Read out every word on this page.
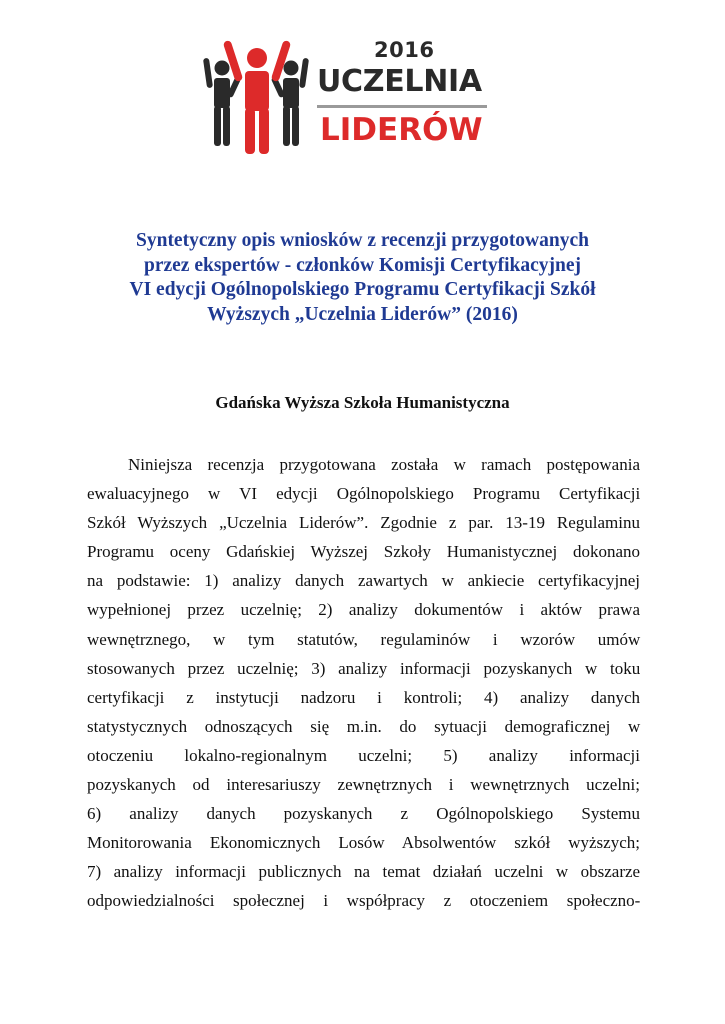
2016
UCZELNIA
LIDERÓW
Syntetyczny opis wniosków z recenzji przygotowanych
przez ekspertów - członków Komisji Certyfikacyjnej
VI edycji Ogólnopolskiego Programu Certyfikacji Szkół
Wyższych „Uczelnia Liderów” (2016)
Gdańska Wyższa Szkoła Humanistyczna
Niniejsza recenzja przygotowana została w ramach postępowania
ewaluacyjnego w VI edycji Ogólnopolskiego Programu Certyfikacji
Szkół Wyższych „Uczelnia Liderów”. Zgodnie z par. 13-19 Regulaminu
Programu oceny Gdańskiej Wyższej Szkoły Humanistycznej dokonano
na podstawie: 1) analizy danych zawartych w ankiecie certyfikacyjnej
wypełnionej przez uczelnię; 2) analizy dokumentów i aktów prawa
wewnętrznego, w tym statutów, regulaminów i wzorów umów
stosowanych przez uczelnię; 3) analizy informacji pozyskanych w toku
certyfikacji z instytucji nadzoru i kontroli; 4) analizy danych
statystycznych odnoszących się m.in. do sytuacji demograficznej w
otoczeniu lokalno-regionalnym uczelni; 5) analizy informacji
pozyskanych od interesariuszy zewnętrznych i wewnętrznych uczelni;
6) analizy danych pozyskanych z Ogólnopolskiego Systemu
Monitorowania Ekonomicznych Losów Absolwentów szkół wyższych;
7) analizy informacji publicznych na temat działań uczelni w obszarze
odpowiedzialności społecznej i współpracy z otoczeniem społeczno-
